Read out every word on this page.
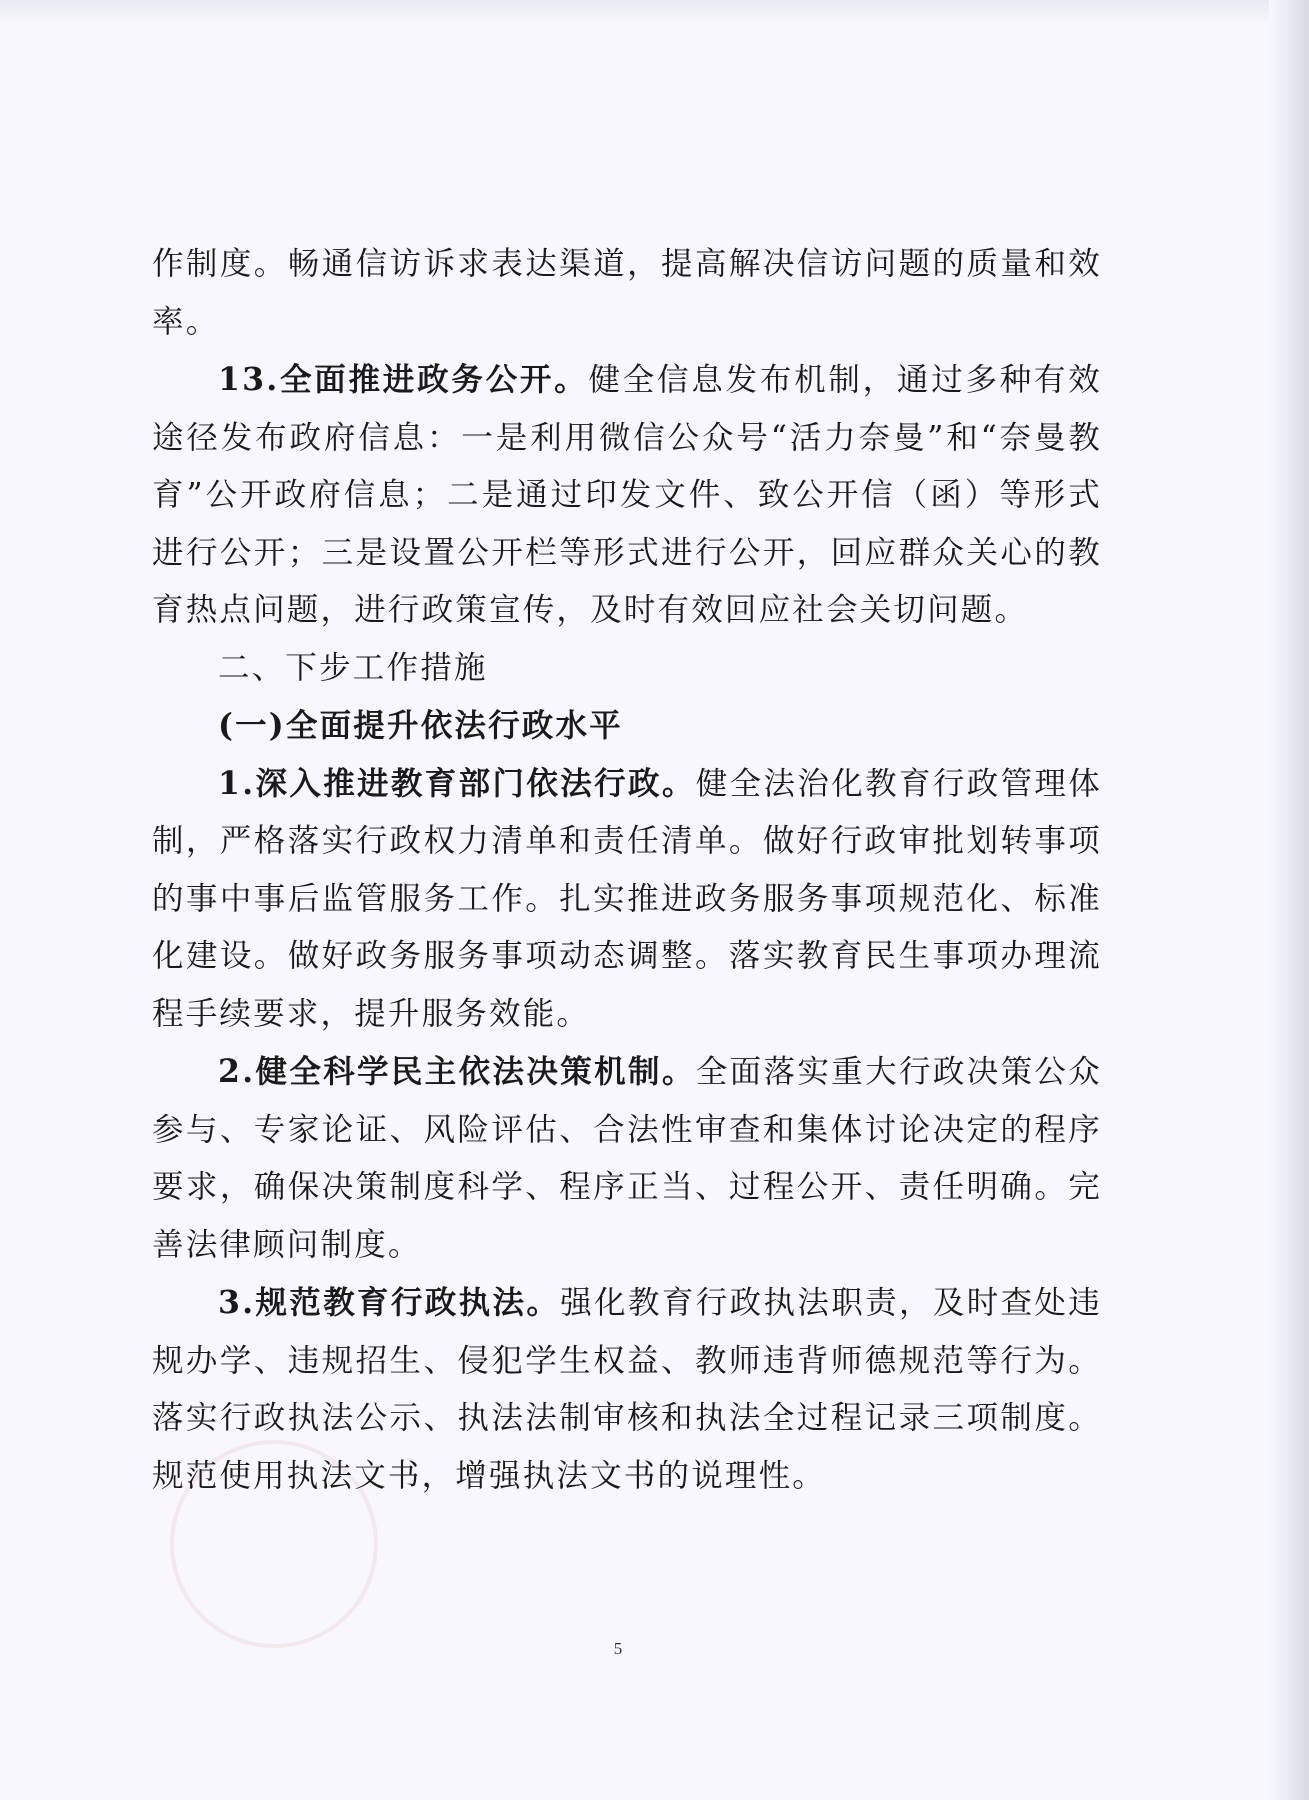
作制度。畅通信访诉求表达渠道，提高解决信访问题的质量和效率。

13.全面推进政务公开。健全信息发布机制，通过多种有效途径发布政府信息：一是利用微信公众号“活力奈曼”和“奈曼教育”公开政府信息；二是通过印发文件、致公开信（函）等形式进行公开；三是设置公开栏等形式进行公开，回应群众关心的教育热点问题，进行政策宣传，及时有效回应社会关切问题。

二、下步工作措施

(一)全面提升依法行政水平

1.深入推进教育部门依法行政。健全法治化教育行政管理体制，严格落实行政权力清单和责任清单。做好行政审批划转事项的事中事后监管服务工作。扎实推进政务服务事项规范化、标准化建设。做好政务服务事项动态调整。落实教育民生事项办理流程手续要求，提升服务效能。

2.健全科学民主依法决策机制。全面落实重大行政决策公众参与、专家论证、风险评估、合法性审查和集体讨论决定的程序要求，确保决策制度科学、程序正当、过程公开、责任明确。完善法律顾问制度。

3.规范教育行政执法。强化教育行政执法职责，及时查处违规办学、违规招生、侵犯学生权益、教师违背师德规范等行为。落实行政执法公示、执法法制审核和执法全过程记录三项制度。规范使用执法文书，增强执法文书的说理性。

5
